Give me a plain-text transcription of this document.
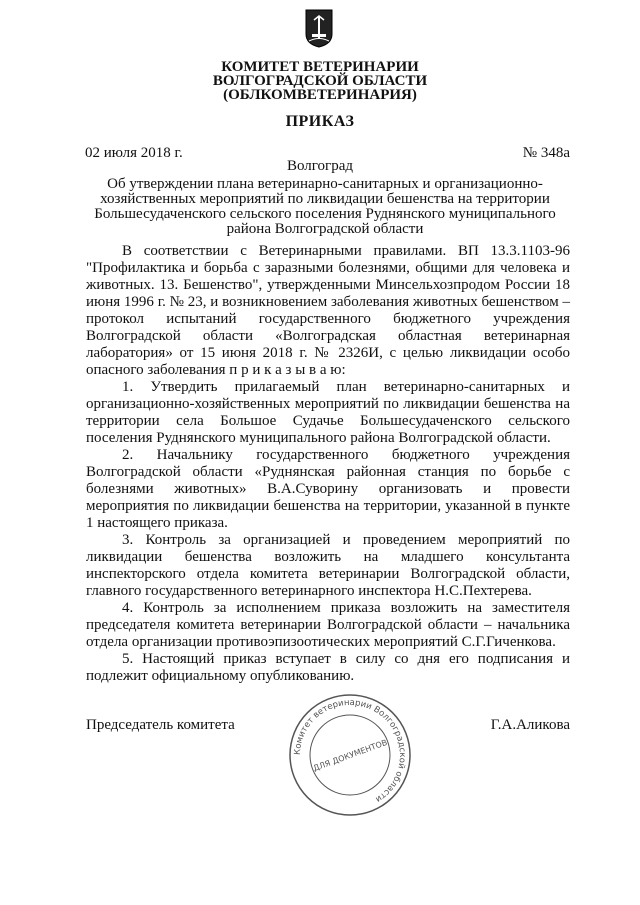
КОМИТЕТ ВЕТЕРИНАРИИ
ВОЛГОГРАДСКОЙ ОБЛАСТИ
(ОБЛКОМВЕТЕРИНАРИЯ)
ПРИКАЗ
02 июля 2018 г.	№ 348а
Волгоград
Об утверждении плана ветеринарно-санитарных и организационно-хозяйственных мероприятий по ликвидации бешенства на территории Большесудаченского сельского поселения Руднянского муниципального района Волгоградской области

В соответствии с Ветеринарными правилами. ВП 13.3.1103-96 "Профилактика и борьба с заразными болезнями, общими для человека и животных. 13. Бешенство", утвержденными Минсельхозпродом России 18 июня 1996 г. № 23, и возникновением заболевания животных бешенством – протокол испытаний государственного бюджетного учреждения Волгоградской области «Волгоградская областная ветеринарная лаборатория» от 15 июня 2018 г. № 2326И, с целью ликвидации особо опасного заболевания п р и к а з ы в а ю:

1. Утвердить прилагаемый план ветеринарно-санитарных и организационно-хозяйственных мероприятий по ликвидации бешенства на территории села Большое Судачье Большесудаченского сельского поселения Руднянского муниципального района Волгоградской области.

2. Начальнику государственного бюджетного учреждения Волгоградской области «Руднянская районная станция по борьбе с болезнями животных» В.А.Суворину организовать и провести мероприятия по ликвидации бешенства на территории, указанной в пункте 1 настоящего приказа.

3. Контроль за организацией и проведением мероприятий по ликвидации бешенства возложить на младшего консультанта инспекторского отдела комитета ветеринарии Волгоградской области, главного государственного ветеринарного инспектора Н.С.Пехтерева.

4. Контроль за исполнением приказа возложить на заместителя председателя комитета ветеринарии Волгоградской области – начальника отдела организации противоэпизоотических мероприятий С.Г.Гиченкова.

5. Настоящий приказ вступает в силу со дня его подписания и подлежит официальному опубликованию.

Председатель комитета	Г.А.Аликова
Комитет ветеринарии Волгоградской области
ДЛЯ ДОКУМЕНТОВ
